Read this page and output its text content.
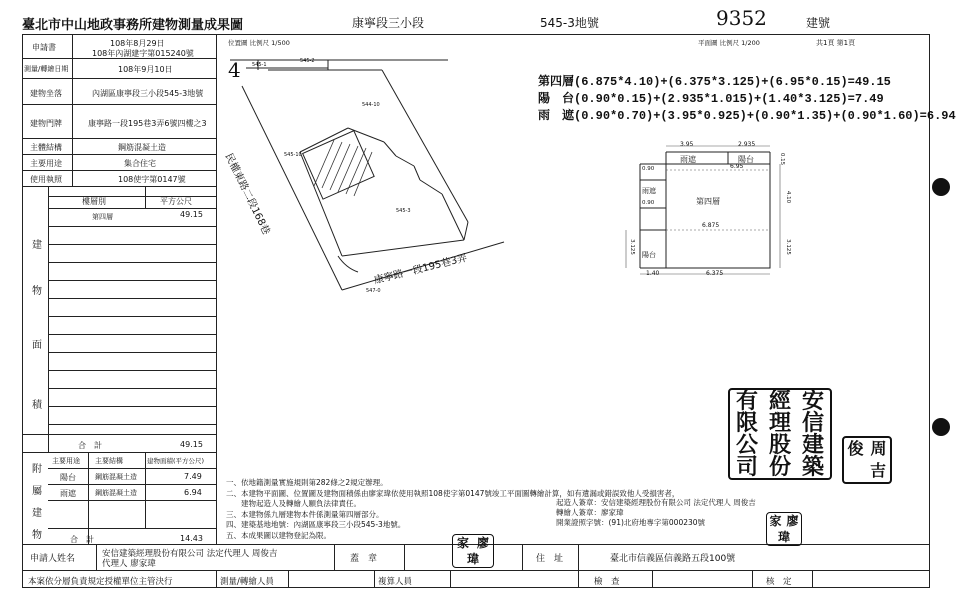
臺北市中山地政事務所建物測量成果圖	康寧段三小段	545-3地號	9352	建號
申請書	108年8月29日
108年內湖建字第015240號
測量/轉繪日期	108年9月10日
建物坐落	內湖區康寧段三小段545-3地號
建物門牌	康寧路一段195巷3弄6號四樓之3
主體結構	鋼筋混凝土造
主要用途	集合住宅
使用執照	108使字第0147號
建
物
面
積
樓層別	平方公尺
第四層	49.15
合　計	49.15
附
屬
建
物
主要用途 主要結構	建物面積(平方公尺)
陽台	鋼筋混凝土造	7.49
雨遮	鋼筋混凝土造	6.94
合　計	14.43
位置圖 比例尺 1/500
4 545-1
545-2
544-10
545-10
545-3
547-0
康寧路一段195巷3弄
民權東路二段168巷
平面圖 比例尺 1/200	共1頁 第1頁
第四層(6.875*4.10)+(6.375*3.125)+(6.95*0.15)=49.15
陽　台(0.90*0.15)+(2.935*1.015)+(1.40*3.125)=7.49
雨　遮(0.90*0.70)+(3.95*0.925)+(0.90*1.35)+(0.90*1.60)=6.94
雨遮	陽台
第四層
雨遮
陽台
3.95	2.935
6.95
6.875
1.40	6.375
0.90
0.90	4.10
3.125
0.15
3.125
有 經 安
限 理 信
公 股 建
司 份 築
俊 周
吉
家 廖
瑋
家 廖
瑋
一、依地籍測量實施規則第282條之2規定辦理。
二、本建物平面圖、位置圖及建物面積係由廖家瑋依使用執照108使字第0147號竣工平面圖轉繪計算，如有遺漏或錯誤致他人受損害者，
　　建物起造人及轉繪人願負法律責任。
三、本建物係九層建物本件係測量第四層部分。
四、建築基地地號：內湖區康寧段三小段545-3地號。
五、本成果圖以建物登記為限。
起造人簽章：安信建築經理股份有限公司 法定代理人 周俊吉
轉繪人簽章：廖家瑋
開業證照字號：(91)北府地專字第000230號
申請人姓名	安信建築經理股份有限公司 法定代理人 周俊吉
代理人 廖家瑋	蓋　章	住　址	臺北市信義區信義路五段100號
本案依分層負責規定授權單位主管決行	測量/轉繪人員	複算人員	檢　查	核　定
